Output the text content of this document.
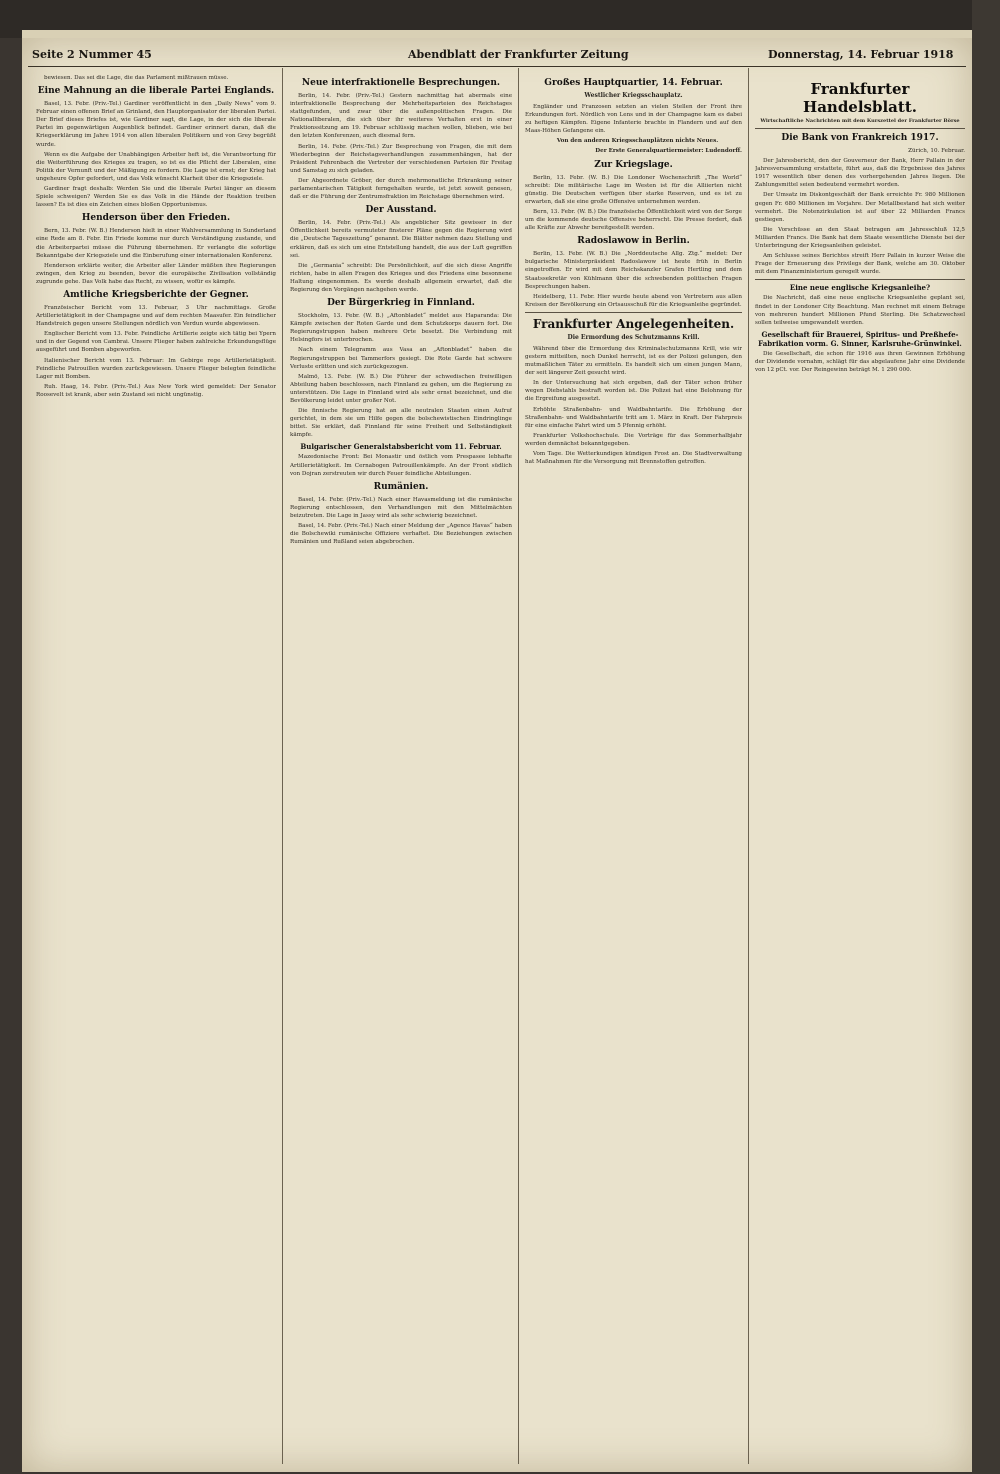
Seite 2 Nummer 45	Abendblatt der Frankfurter Zeitung	Donnerstag, 14. Februar 1918

bewiesen. Das sei die Lage, die das Parlament mißtrauen müsse.

Eine Mahnung an die liberale Partei Englands.

Basel, 13. Febr. (Priv.-Tel.) Gardiner veröffentlicht in den „Daily News“ vom 9. Februar einen offenen Brief an Grinland, den Hauptorganisator der liberalen Partei. Der Brief dieses Briefes ist, wie Gardiner sagt, die Lage, in der sich die liberale Partei im gegenwärtigen Augenblick befindet. Gardiner erinnert daran, daß die Kriegserklärung im Jahre 1914 von allen liberalen Politikern und von Grey begrüßt wurde.

Wenn es die Aufgabe der Unabhängigen Arbeiter heft ist, die Verantwortung für die Weiterführung des Krieges zu tragen, so ist es die Pflicht der Liberalen, eine Politik der Vernunft und der Mäßigung zu fordern. Die Lage ist ernst; der Krieg hat ungeheure Opfer gefordert, und das Volk wünscht Klarheit über die Kriegsziele.

Gardiner fragt deshalb: Werden Sie und die liberale Partei länger an diesem Spiele schweigen? Werden Sie es das Volk in die Hände der Reaktion treiben lassen? Es ist dies ein Zeichen eines bloßen Opportunismus.

Henderson über den Frieden.

Bern, 13. Febr. (W. B.) Henderson hielt in einer Wahlversammlung in Sunderland eine Rede am 8. Febr. Ein Friede komme nur durch Verständigung zustande, und die Arbeiterpartei müsse die Führung übernehmen. Er verlangte die sofortige Bekanntgabe der Kriegsziele und die Einberufung einer internationalen Konferenz.

Henderson erklärte weiter, die Arbeiter aller Länder müßten ihre Regierungen zwingen, den Krieg zu beenden, bevor die europäische Zivilisation vollständig zugrunde gehe. Das Volk habe das Recht, zu wissen, wofür es kämpfe.

Amtliche Kriegsberichte der Gegner.

Französischer Bericht vom 13. Februar, 3 Uhr nachmittags. Große Artillerietätigkeit in der Champagne und auf dem rechten Maasufer. Ein feindlicher Handstreich gegen unsere Stellungen nördlich von Verdun wurde abgewiesen.

Englischer Bericht vom 13. Febr. Feindliche Artillerie zeigte sich tätig bei Ypern und in der Gegend von Cambrai. Unsere Flieger haben zahlreiche Erkundungsflüge ausgeführt und Bomben abgeworfen.

Italienischer Bericht vom 13. Februar: Im Gebirge rege Artillerietätigkeit. Feindliche Patrouillen wurden zurückgewiesen. Unsere Flieger belegten feindliche Lager mit Bomben.

Ruh. Haag, 14. Febr. (Priv.-Tel.) Aus New York wird gemeldet: Der Senator Roosevelt ist krank, aber sein Zustand sei nicht ungünstig.

Neue interfraktionelle Besprechungen.

Berlin, 14. Febr. (Priv.-Tel.) Gestern nachmittag hat abermals eine interfraktionelle Besprechung der Mehrheitsparteien des Reichstages stattgefunden, und zwar über die außenpolitischen Fragen. Die Nationalliberalen, die sich über ihr weiteres Verhalten erst in einer Fraktionssitzung am 19. Februar schlüssig machen wollen, blieben, wie bei den letzten Konferenzen, auch diesmal fern.

Berlin, 14. Febr. (Priv.-Tel.) Zur Besprechung von Fragen, die mit dem Wiederbeginn der Reichstagsverhandlungen zusammenhängen, hat der Präsident Fehrenbach die Vertreter der verschiedenen Parteien für Freitag und Samstag zu sich geladen.

Der Abgeordnete Gröber, der durch mehrmonatliche Erkrankung seiner parlamentarischen Tätigkeit ferngehalten wurde, ist jetzt soweit genesen, daß er die Führung der Zentrumsfraktion im Reichstage übernehmen wird.

Der Ausstand.

Berlin, 14. Febr. (Priv.-Tel.) Als angeblicher Sitz gewisser in der Öffentlichkeit bereits vermuteter finsterer Pläne gegen die Regierung wird die „Deutsche Tageszeitung“ genannt. Die Blätter nehmen dazu Stellung und erklären, daß es sich um eine Entstellung handelt, die aus der Luft gegriffen sei.

Die „Germania“ schreibt: Die Persönlichkeit, auf die sich diese Angriffe richten, habe in allen Fragen des Krieges und des Friedens eine besonnene Haltung eingenommen. Es werde deshalb allgemein erwartet, daß die Regierung den Vorgängen nachgehen werde.

Der Bürgerkrieg in Finnland.

Stockholm, 13. Febr. (W. B.) „Aftonbladet“ meldet aus Haparanda: Die Kämpfe zwischen der Roten Garde und dem Schutzkorps dauern fort. Die Regierungstruppen haben mehrere Orte besetzt. Die Verbindung mit Helsingfors ist unterbrochen.

Nach einem Telegramm aus Vasa an „Aftonbladet“ haben die Regierungstruppen bei Tammerfors gesiegt. Die Rote Garde hat schwere Verluste erlitten und sich zurückgezogen.

Malmö, 13. Febr. (W. B.) Die Führer der schwedischen freiwilligen Abteilung haben beschlossen, nach Finnland zu gehen, um die Regierung zu unterstützen. Die Lage in Finnland wird als sehr ernst bezeichnet, und die Bevölkerung leidet unter großer Not.

Die finnische Regierung hat an alle neutralen Staaten einen Aufruf gerichtet, in dem sie um Hilfe gegen die bolschewistischen Eindringlinge bittet. Sie erklärt, daß Finnland für seine Freiheit und Selbständigkeit kämpfe.

Bulgarischer Generalstabsbericht vom 11. Februar.

Mazedonische Front: Bei Monastir und östlich vom Prespasee lebhafte Artillerietätigkeit. Im Cernabogen Patrouillenkämpfe. An der Front südlich von Dojran zerstreuten wir durch Feuer feindliche Abteilungen.

Rumänien.

Basel, 14. Febr. (Priv.-Tel.) Nach einer Havasmeldung ist die rumänische Regierung entschlossen, den Verhandlungen mit den Mittelmächten beizutreten. Die Lage in Jassy wird als sehr schwierig bezeichnet.

Basel, 14. Febr. (Priv.-Tel.) Nach einer Meldung der „Agence Havas“ haben die Bolschewiki rumänische Offiziere verhaftet. Die Beziehungen zwischen Rumänien und Rußland seien abgebrochen.

Großes Hauptquartier, 14. Februar.
Westlicher Kriegsschauplatz.

Engländer und Franzosen setzten an vielen Stellen der Front ihre Erkundungen fort. Nördlich von Lens und in der Champagne kam es dabei zu heftigen Kämpfen. Eigene Infanterie brachte in Flandern und auf den Maas-Höhen Gefangene ein.

Von den anderen Kriegsschauplätzen nichts Neues.

Der Erste Generalquartiermeister: Ludendorff.

Zur Kriegslage.

Berlin, 13. Febr. (W. B.) Die Londoner Wochenschrift „The World“ schreibt: Die militärische Lage im Westen ist für die Alliierten nicht günstig. Die Deutschen verfügen über starke Reserven, und es ist zu erwarten, daß sie eine große Offensive unternehmen werden.

Bern, 13. Febr. (W. B.) Die französische Öffentlichkeit wird von der Sorge um die kommende deutsche Offensive beherrscht. Die Presse fordert, daß alle Kräfte zur Abwehr bereitgestellt werden.

Radoslawow in Berlin.

Berlin, 13. Febr. (W. B.) Die „Norddeutsche Allg. Ztg.“ meldet: Der bulgarische Ministerpräsident Radoslawow ist heute früh in Berlin eingetroffen. Er wird mit dem Reichskanzler Grafen Hertling und dem Staatssekretär von Kühlmann über die schwebenden politischen Fragen Besprechungen haben.

Heidelberg, 11. Febr. Hier wurde heute abend von Vertretern aus allen Kreisen der Bevölkerung ein Ortsausschuß für die Kriegsanleihe gegründet.

Frankfurter Angelegenheiten.
Die Ermordung des Schutzmanns Krill.

Während über die Ermordung des Kriminalschutzmanns Krill, wie wir gestern mitteilten, noch Dunkel herrscht, ist es der Polizei gelungen, den mutmaßlichen Täter zu ermitteln. Es handelt sich um einen jungen Mann, der seit längerer Zeit gesucht wird.

In der Untersuchung hat sich ergeben, daß der Täter schon früher wegen Diebstahls bestraft worden ist. Die Polizei hat eine Belohnung für die Ergreifung ausgesetzt.

Erhöhte Straßenbahn- und Waldbahntarife. Die Erhöhung der Straßenbahn- und Waldbahntarife tritt am 1. März in Kraft. Der Fahrpreis für eine einfache Fahrt wird um 5 Pfennig erhöht.

Frankfurter Volkshochschule. Die Vorträge für das Sommerhalbjahr werden demnächst bekanntgegeben.

Vom Tage. Die Wetterkundigen kündigen Frost an. Die Stadtverwaltung hat Maßnahmen für die Versorgung mit Brennstoffen getroffen.

Frankfurter Handelsblatt.
Wirtschaftliche Nachrichten mit dem Kurszettel der Frankfurter Börse
Die Bank von Frankreich 1917.

Zürich, 10. Februar.

Der Jahresbericht, den der Gouverneur der Bank, Herr Pallain in der Jahresversammlung erstattete, führt aus, daß die Ergebnisse des Jahres 1917 wesentlich über denen des vorhergehenden Jahres liegen. Die Zahlungsmittel seien bedeutend vermehrt worden.

Der Umsatz im Diskontgeschäft der Bank erreichte Fr. 980 Millionen gegen Fr. 680 Millionen im Vorjahre. Der Metallbestand hat sich weiter vermehrt. Die Notenzirkulation ist auf über 22 Milliarden Francs gestiegen.

Die Vorschüsse an den Staat betragen am Jahresschluß 12,5 Milliarden Francs. Die Bank hat dem Staate wesentliche Dienste bei der Unterbringung der Kriegsanleihen geleistet.

Am Schlusse seines Berichtes streift Herr Pallain in kurzer Weise die Frage der Erneuerung des Privilegs der Bank, welche am 30. Oktober mit dem Finanzministerium geregelt wurde.

Eine neue englische Kriegsanleihe?

Die Nachricht, daß eine neue englische Kriegsanleihe geplant sei, findet in der Londoner City Beachtung. Man rechnet mit einem Betrage von mehreren hundert Millionen Pfund Sterling. Die Schatzwechsel sollen teilweise umgewandelt werden.

Gesellschaft für Brauerei, Spiritus- und Preßhefe-Fabrikation vorm. G. Sinner, Karlsruhe-Grünwinkel.

Die Gesellschaft, die schon für 1916 aus ihren Gewinnen Erhöhung der Dividende vornahm, schlägt für das abgelaufene Jahr eine Dividende von 12 pCt. vor. Der Reingewinn beträgt M. 1 290 000.
